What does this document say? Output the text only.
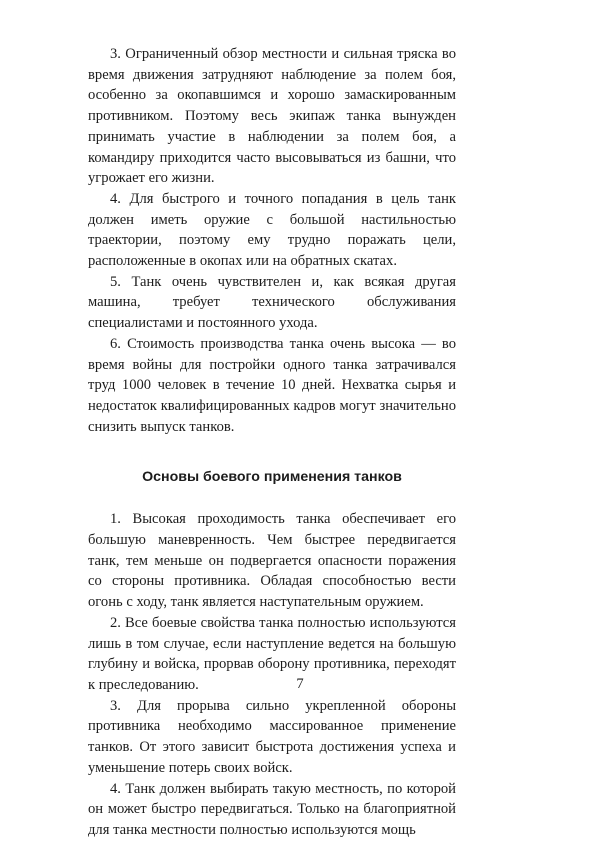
3. Ограниченный обзор местности и сильная тряска во время движения затрудняют наблюдение за полем боя, особенно за окопавшимся и хорошо замаскированным противником. Поэтому весь экипаж танка вынужден принимать участие в наблюдении за полем боя, а командиру приходится часто высовываться из башни, что угрожает его жизни.

4. Для быстрого и точного попадания в цель танк должен иметь оружие с большой настильностью траектории, поэтому ему трудно поражать цели, расположенные в окопах или на обратных скатах.

5. Танк очень чувствителен и, как всякая другая машина, требует технического обслуживания специалистами и постоянного ухода.

6. Стоимость производства танка очень высока — во время войны для постройки одного танка затрачивался труд 1000 человек в течение 10 дней. Нехватка сырья и недостаток квалифицированных кадров могут значительно снизить выпуск танков.

Основы боевого применения танков

1. Высокая проходимость танка обеспечивает его большую маневренность. Чем быстрее передвигается танк, тем меньше он подвергается опасности поражения со стороны противника. Обладая способностью вести огонь с ходу, танк является наступательным оружием.

2. Все боевые свойства танка полностью используются лишь в том случае, если наступление ведется на большую глубину и войска, прорвав оборону противника, переходят к преследованию.

3. Для прорыва сильно укрепленной обороны противника необходимо массированное применение танков. От этого зависит быстрота достижения успеха и уменьшение потерь своих войск.

4. Танк должен выбирать такую местность, по которой он может быстро передвигаться. Только на благоприятной для танка местности полностью используются мощь

7
